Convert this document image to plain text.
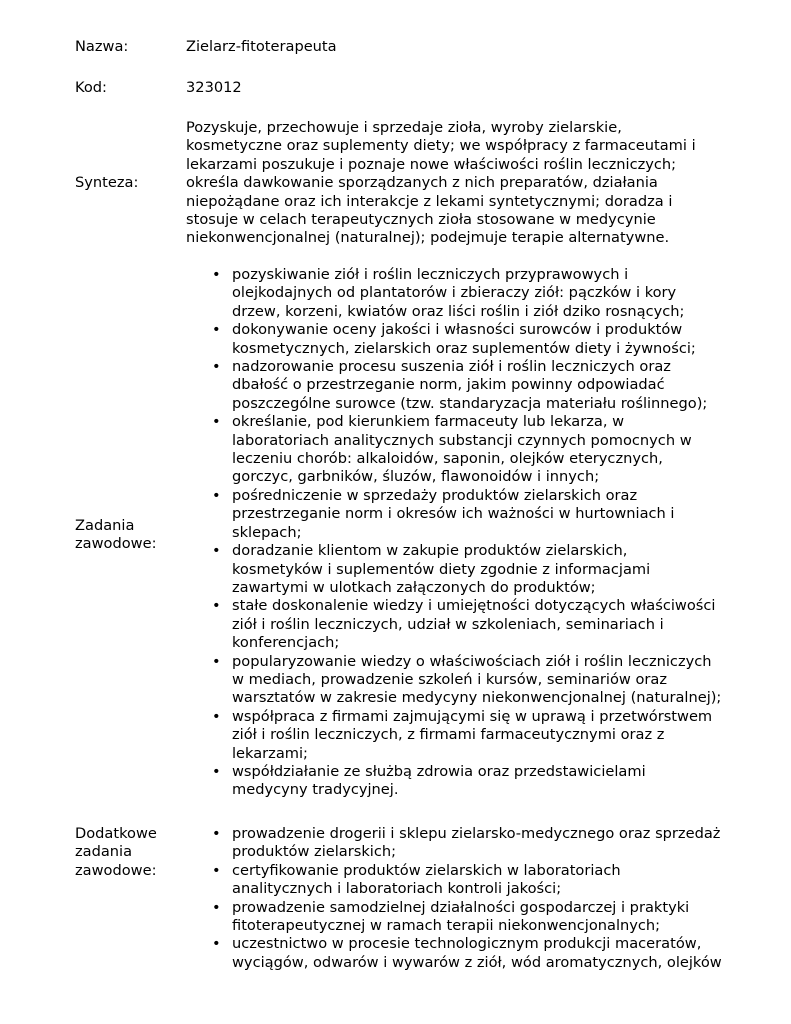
Nazwa:	Zielarz-fitoterapeuta
Kod:	323012
Synteza:
Pozyskuje, przechowuje i sprzedaje zioła, wyroby zielarskie,
kosmetyczne oraz suplementy diety; we współpracy z farmaceutami i
lekarzami poszukuje i poznaje nowe właściwości roślin leczniczych;
określa dawkowanie sporządzanych z nich preparatów, działania
niepożądane oraz ich interakcje z lekami syntetycznymi; doradza i
stosuje w celach terapeutycznych zioła stosowane w medycynie
niekonwencjonalnej (naturalnej); podejmuje terapie alternatywne.
Zadania
zawodowe:
• pozyskiwanie ziół i roślin leczniczych przyprawowych i
olejkodajnych od plantatorów i zbieraczy ziół: pączków i kory
drzew, korzeni, kwiatów oraz liści roślin i ziół dziko rosnących;
• dokonywanie oceny jakości i własności surowców i produktów
kosmetycznych, zielarskich oraz suplementów diety i żywności;
• nadzorowanie procesu suszenia ziół i roślin leczniczych oraz
dbałość o przestrzeganie norm, jakim powinny odpowiadać
poszczególne surowce (tzw. standaryzacja materiału roślinnego);
• określanie, pod kierunkiem farmaceuty lub lekarza, w
laboratoriach analitycznych substancji czynnych pomocnych w
leczeniu chorób: alkaloidów, saponin, olejków eterycznych,
gorczyc, garbników, śluzów, flawonoidów i innych;
• pośredniczenie w sprzedaży produktów zielarskich oraz
przestrzeganie norm i okresów ich ważności w hurtowniach i
sklepach;
• doradzanie klientom w zakupie produktów zielarskich,
kosmetyków i suplementów diety zgodnie z informacjami
zawartymi w ulotkach załączonych do produktów;
• stałe doskonalenie wiedzy i umiejętności dotyczących właściwości
ziół i roślin leczniczych, udział w szkoleniach, seminariach i
konferencjach;
• popularyzowanie wiedzy o właściwościach ziół i roślin leczniczych
w mediach, prowadzenie szkoleń i kursów, seminariów oraz
warsztatów w zakresie medycyny niekonwencjonalnej (naturalnej);
• współpraca z firmami zajmującymi się w uprawą i przetwórstwem
ziół i roślin leczniczych, z firmami farmaceutycznymi oraz z
lekarzami;
• współdziałanie ze służbą zdrowia oraz przedstawicielami
medycyny tradycyjnej.
Dodatkowe
zadania
zawodowe:
• prowadzenie drogerii i sklepu zielarsko-medycznego oraz sprzedaż
produktów zielarskich;
• certyfikowanie produktów zielarskich w laboratoriach
analitycznych i laboratoriach kontroli jakości;
• prowadzenie samodzielnej działalności gospodarczej i praktyki
fitoterapeutycznej w ramach terapii niekonwencjonalnych;
• uczestnictwo w procesie technologicznym produkcji maceratów,
wyciągów, odwarów i wywarów z ziół, wód aromatycznych, olejków
